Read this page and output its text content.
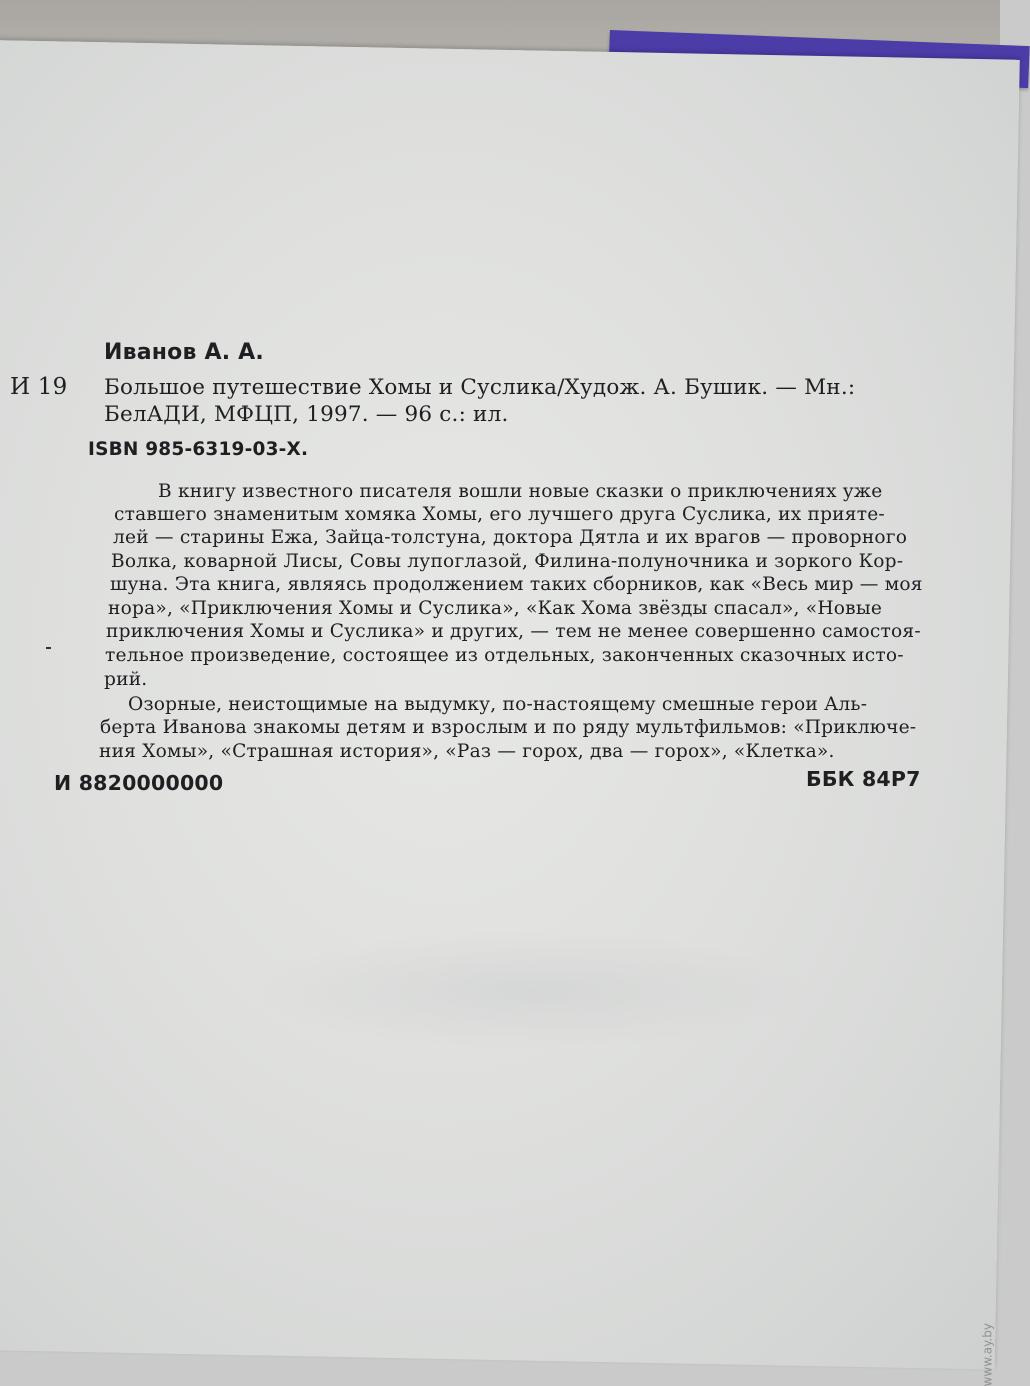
Иванов А. А.
И 19 Большое путешествие Хомы и Суслика/Худож. А. Бушик. — Мн.:
БелАДИ, МФЦП, 1997. — 96 с.: ил.
ISBN 985-6319-03-Х.
В книгу известного писателя вошли новые сказки о приключениях уже
ставшего знаменитым хомяка Хомы, его лучшего друга Суслика, их прияте-
лей — старины Ежа, Зайца-толстуна, доктора Дятла и их врагов — проворного
Волка, коварной Лисы, Совы лупоглазой, Филина-полуночника и зоркого Кор-
шуна. Эта книга, являясь продолжением таких сборников, как «Весь мир — моя
нора», «Приключения Хомы и Суслика», «Как Хома звёзды спасал», «Новые
приключения Хомы и Суслика» и других, — тем не менее совершенно самостоя-
тельное произведение, состоящее из отдельных, законченных сказочных исто-
рий.
Озорные, неистощимые на выдумку, по-настоящему смешные герои Аль-
берта Иванова знакомы детям и взрослым и по ряду мультфильмов: «Приключе-
ния Хомы», «Страшная история», «Раз — горох, два — горох», «Клетка».
И 8820000000	ББК 84Р7
www.ay.by
